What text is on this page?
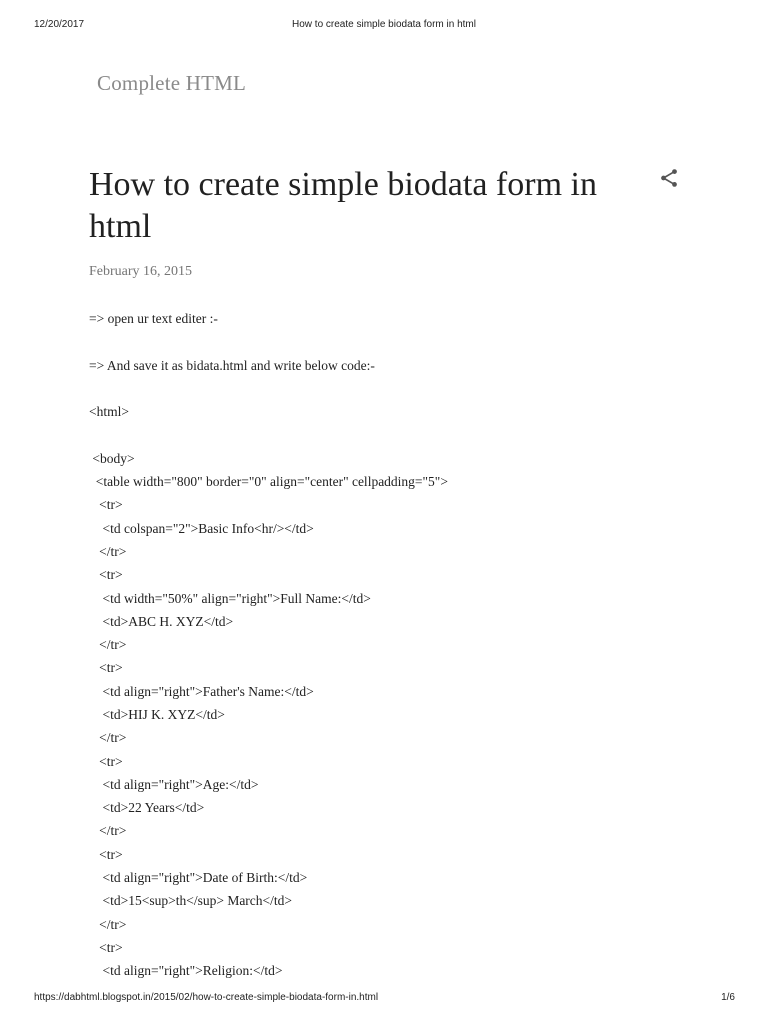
12/20/2017	How to create simple biodata form in html
Complete HTML
How to create simple biodata form in html
February 16, 2015
=> open ur text editer :-
=> And save it as bidata.html and write below code:-
<html>
<body>
<table width="800" border="0" align="center" cellpadding="5">
<tr>
<td colspan="2">Basic Info<hr/></td>
</tr>
<tr>
<td width="50%" align="right">Full Name:</td>
<td>ABC H. XYZ</td>
</tr>
<tr>
<td align="right">Father's Name:</td>
<td>HIJ K. XYZ</td>
</tr>
<tr>
<td align="right">Age:</td>
<td>22 Years</td>
</tr>
<tr>
<td align="right">Date of Birth:</td>
<td>15<sup>th</sup> March</td>
</tr>
<tr>
<td align="right">Religion:</td>
https://dabhtml.blogspot.in/2015/02/how-to-create-simple-biodata-form-in.html	1/6
